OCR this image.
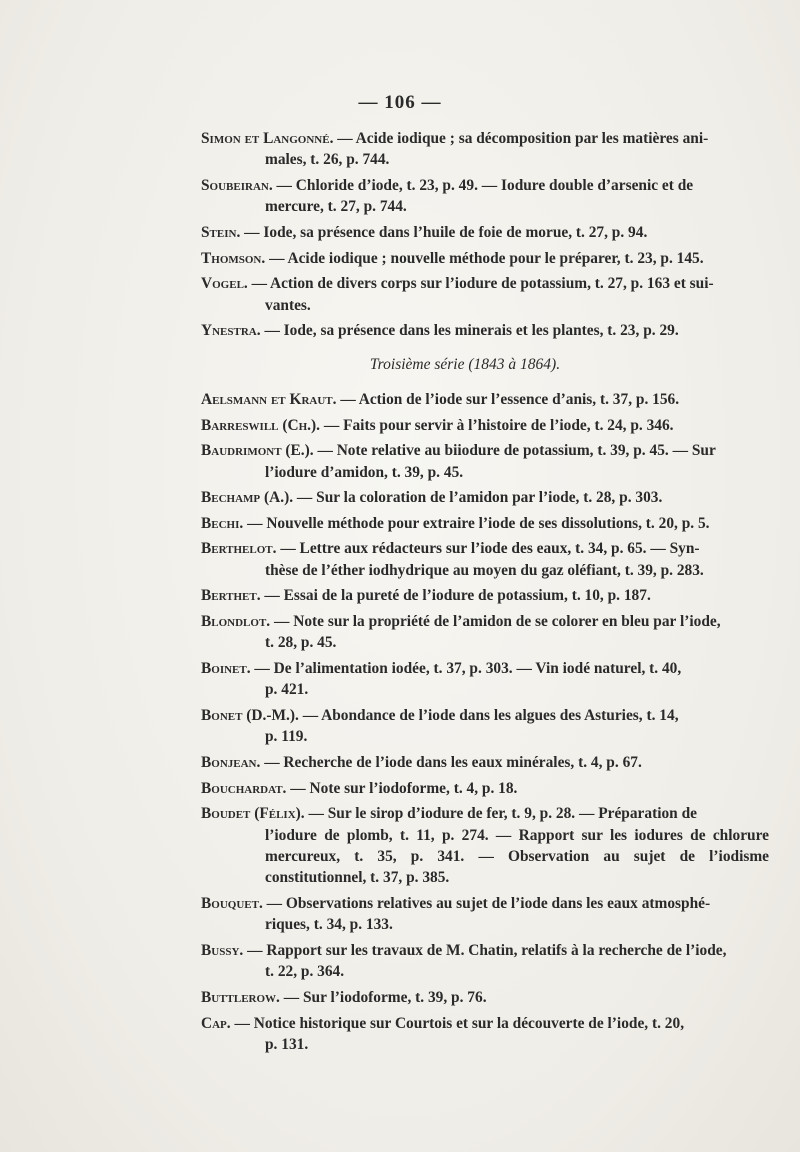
— 106 —
Simon et Langonné. — Acide iodique ; sa décomposition par les matières ani-
males, t. 26, p. 744.
Soubeiran. — Chloride d’iode, t. 23, p. 49. — Iodure double d’arsenic et de
mercure, t. 27, p. 744.
Stein. — Iode, sa présence dans l’huile de foie de morue, t. 27, p. 94.
Thomson. — Acide iodique ; nouvelle méthode pour le préparer, t. 23, p. 145.
Vogel. — Action de divers corps sur l’iodure de potassium, t. 27, p. 163 et sui-
vantes.
Ynestra. — Iode, sa présence dans les minerais et les plantes, t. 23, p. 29.
Troisième série (1843 à 1864).
Aelsmann et Kraut. — Action de l’iode sur l’essence d’anis, t. 37, p. 156.
Barreswill (Ch.). — Faits pour servir à l’histoire de l’iode, t. 24, p. 346.
Baudrimont (E.). — Note relative au biiodure de potassium, t. 39, p. 45. — Sur
l’iodure d’amidon, t. 39, p. 45.
Bechamp (A.). — Sur la coloration de l’amidon par l’iode, t. 28, p. 303.
Bechi. — Nouvelle méthode pour extraire l’iode de ses dissolutions, t. 20, p. 5.
Berthelot. — Lettre aux rédacteurs sur l’iode des eaux, t. 34, p. 65. — Syn-
thèse de l’éther iodhydrique au moyen du gaz oléfiant, t. 39, p. 283.
Berthet. — Essai de la pureté de l’iodure de potassium, t. 10, p. 187.
Blondlot. — Note sur la propriété de l’amidon de se colorer en bleu par l’iode,
t. 28, p. 45.
Boinet. — De l’alimentation iodée, t. 37, p. 303. — Vin iodé naturel, t. 40,
p. 421.
Bonet (D.-M.). — Abondance de l’iode dans les algues des Asturies, t. 14,
p. 119.
Bonjean. — Recherche de l’iode dans les eaux minérales, t. 4, p. 67.
Bouchardat. — Note sur l’iodoforme, t. 4, p. 18.
Boudet (Félix). — Sur le sirop d’iodure de fer, t. 9, p. 28. — Préparation de
l’iodure de plomb, t. 11, p. 274. — Rapport sur les iodures de chlorure mercureux, t. 35, p. 341. — Observation au sujet de l’iodisme constitutionnel, t. 37, p. 385.
Bouquet. — Observations relatives au sujet de l’iode dans les eaux atmosphé-
riques, t. 34, p. 133.
Bussy. — Rapport sur les travaux de M. Chatin, relatifs à la recherche de l’iode,
t. 22, p. 364.
Buttlerow. — Sur l’iodoforme, t. 39, p. 76.
Cap. — Notice historique sur Courtois et sur la découverte de l’iode, t. 20,
p. 131.
